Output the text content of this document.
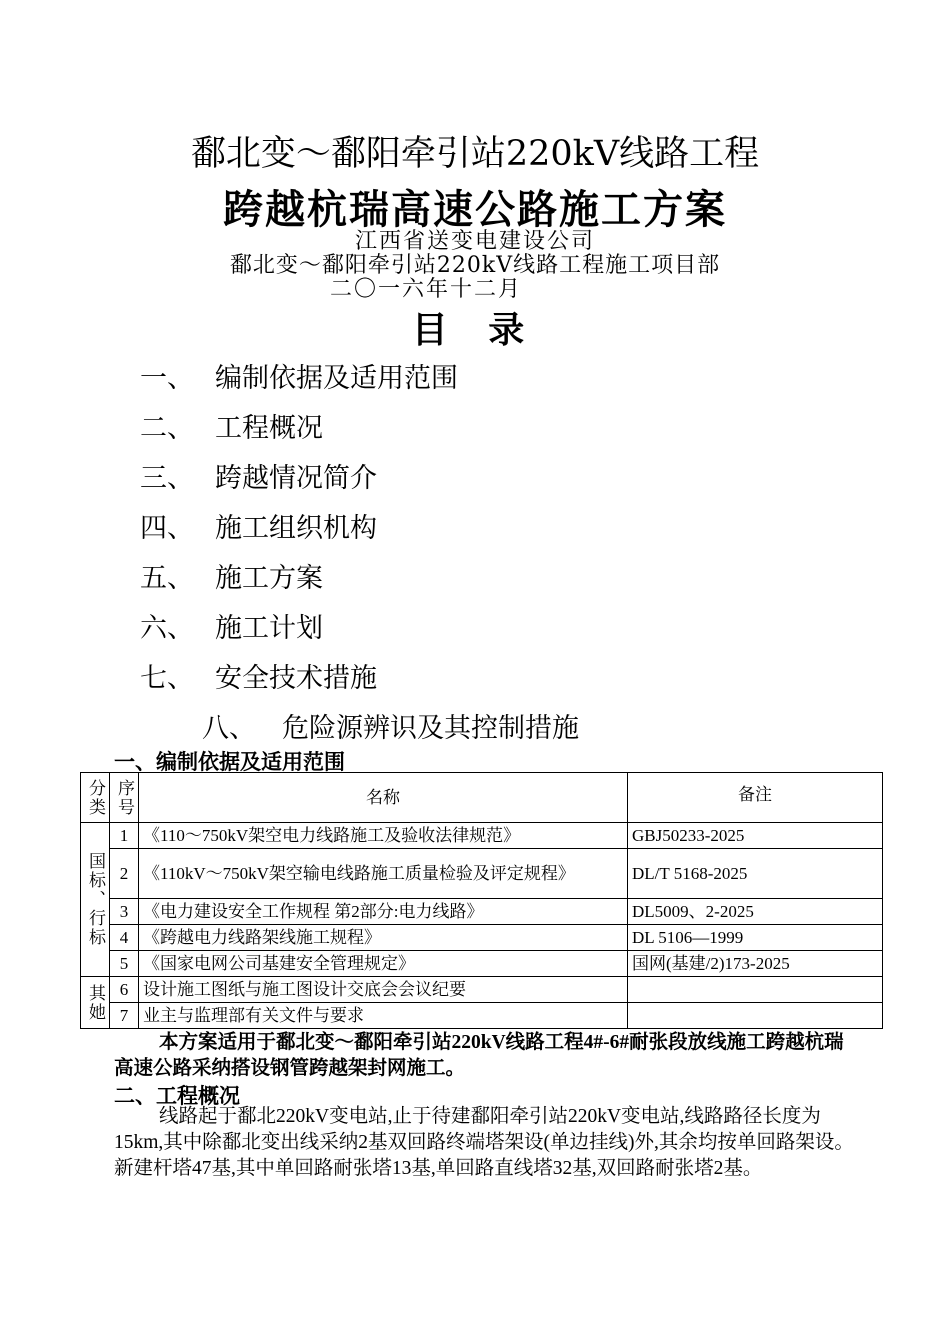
鄱北变～鄱阳牵引站220kV线路工程
跨越杭瑞高速公路施工方案
江西省送变电建设公司
鄱北变～鄱阳牵引站220kV线路工程施工项目部
二〇一六年十二月
目 录
一、 编制依据及适用范围
二、 工程概况
三、 跨越情况简介
四、 施工组织机构
五、 施工方案
六、 施工计划
七、 安全技术措施
八、 危险源辨识及其控制措施
一、编制依据及适用范围
分类	序号	名称	备注

国标、行标	1	《110～750kV架空电力线路施工及验收法律规范》	GBJ50233-2025
	2	《110kV～750kV架空输电线路施工质量检验及评定规程》	DL/T 5168-2025
	3	《电力建设安全工作规程 第2部分:电力线路》	DL5009、2-2025
	4	《跨越电力线路架线施工规程》	DL 5106—1999
	5	《国家电网公司基建安全管理规定》	国网(基建/2)173-2025

其她	6	设计施工图纸与施工图设计交底会会议纪要	
	7	业主与监理部有关文件与要求	
本方案适用于鄱北变～鄱阳牵引站220kV线路工程4#-6#耐张段放线施工跨越杭瑞高速公路采纳搭设钢管跨越架封网施工。
二、工程概况
线路起于鄱北220kV变电站,止于待建鄱阳牵引站220kV变电站,线路路径长度为15km,其中除鄱北变出线采纳2基双回路终端塔架设(单边挂线)外,其余均按单回路架设。新建杆塔47基,其中单回路耐张塔13基,单回路直线塔32基,双回路耐张塔2基。
